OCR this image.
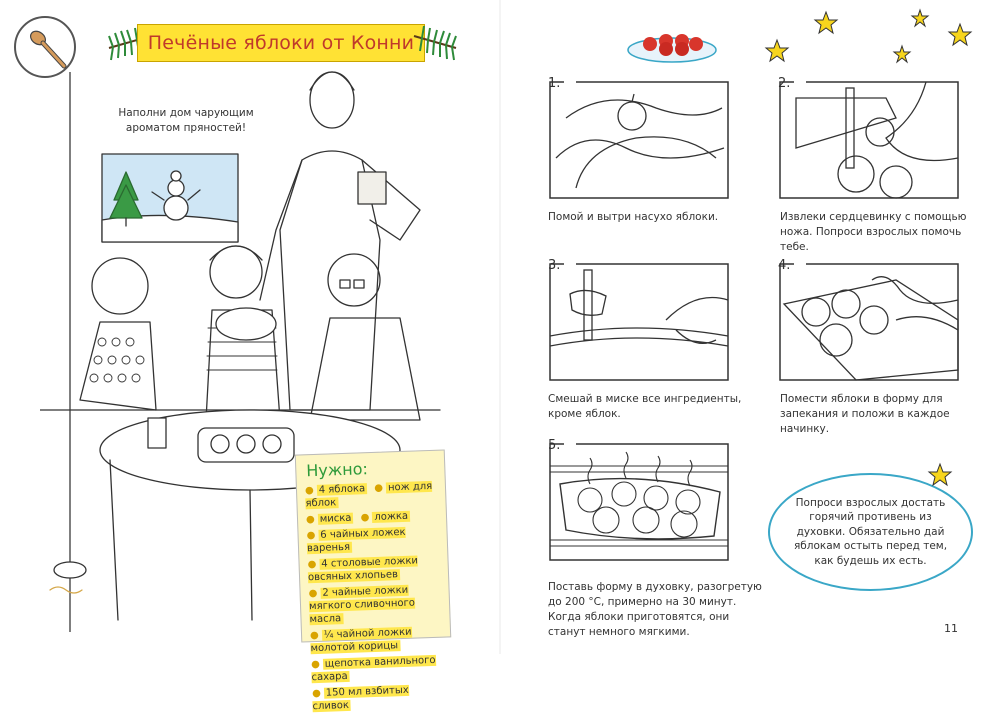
Печёные яблоки от Конни
Наполни дом чарующим ароматом пряностей!
Нужно:
● 4 яблока ● нож для яблок
● миска ● ложка
● 6 чайных ложек варенья
● 4 столовые ложки овсяных хлопьев
● 2 чайные ложки мягкого сливочного масла
● ¼ чайной ложки молотой корицы
● щепотка ванильного сахара
● 150 мл взбитых сливок
1.
Помой и вытри насухо яблоки.
2.
Извлеки сердцевинку с помощью ножа. Попроси взрослых помочь тебе.
3.
Смешай в миске все ингредиенты, кроме яблок.
4.
Помести яблоки в форму для запекания и положи в каждое начинку.
5.
Поставь форму в духовку, разогретую до 200 °C, примерно на 30 минут. Когда яблоки приготовятся, они станут немного мягкими.
Попроси взрослых достать горячий противень из духовки. Обязательно дай яблокам остыть перед тем, как будешь их есть.
11
